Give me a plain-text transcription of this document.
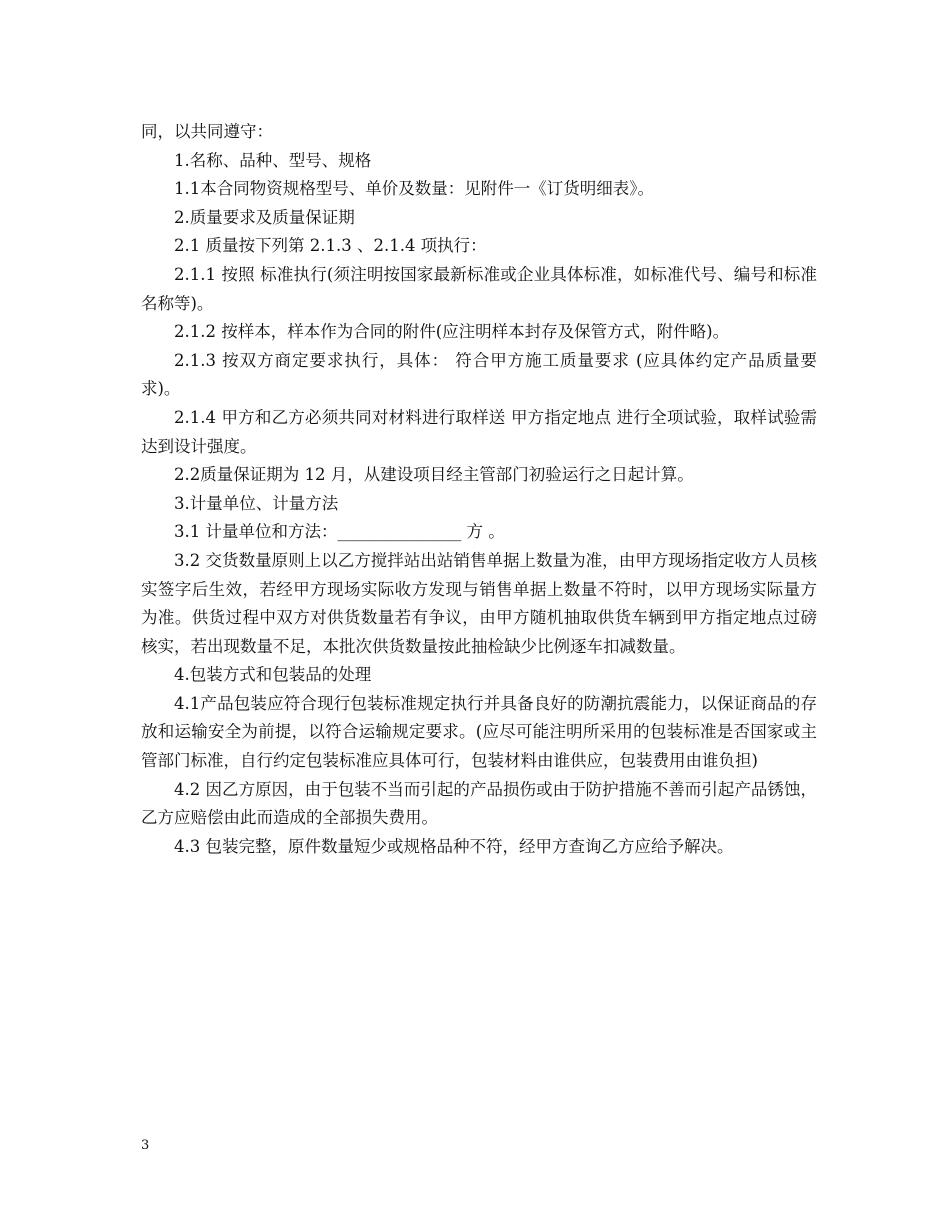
同，以共同遵守：

1.名称、品种、型号、规格

1.1本合同物资规格型号、单价及数量：见附件一《订货明细表》。

2.质量要求及质量保证期

2.1 质量按下列第 2.1.3 、2.1.4 项执行：

2.1.1 按照 标准执行(须注明按国家最新标准或企业具体标准，如标准代号、编号和标准名称等)。

2.1.2 按样本，样本作为合同的附件(应注明样本封存及保管方式，附件略)。

2.1.3 按双方商定要求执行，具体： 符合甲方施工质量要求 (应具体约定产品质量要求)。

2.1.4 甲方和乙方必须共同对材料进行取样送 甲方指定地点 进行全项试验，取样试验需达到设计强度。

2.2质量保证期为 12 月，从建设项目经主管部门初验运行之日起计算。

3.计量单位、计量方法

3.1 计量单位和方法：_______________ 方 。

3.2 交货数量原则上以乙方搅拌站出站销售单据上数量为准，由甲方现场指定收方人员核实签字后生效，若经甲方现场实际收方发现与销售单据上数量不符时，以甲方现场实际量方为准。供货过程中双方对供货数量若有争议，由甲方随机抽取供货车辆到甲方指定地点过磅核实，若出现数量不足，本批次供货数量按此抽检缺少比例逐车扣减数量。

4.包装方式和包装品的处理

4.1产品包装应符合现行包装标准规定执行并具备良好的防潮抗震能力，以保证商品的存放和运输安全为前提，以符合运输规定要求。(应尽可能注明所采用的包装标准是否国家或主管部门标准，自行约定包装标准应具体可行，包装材料由谁供应，包装费用由谁负担)

4.2 因乙方原因，由于包装不当而引起的产品损伤或由于防护措施不善而引起产品锈蚀，乙方应赔偿由此而造成的全部损失费用。

4.3 包装完整，原件数量短少或规格品种不符，经甲方查询乙方应给予解决。

3
